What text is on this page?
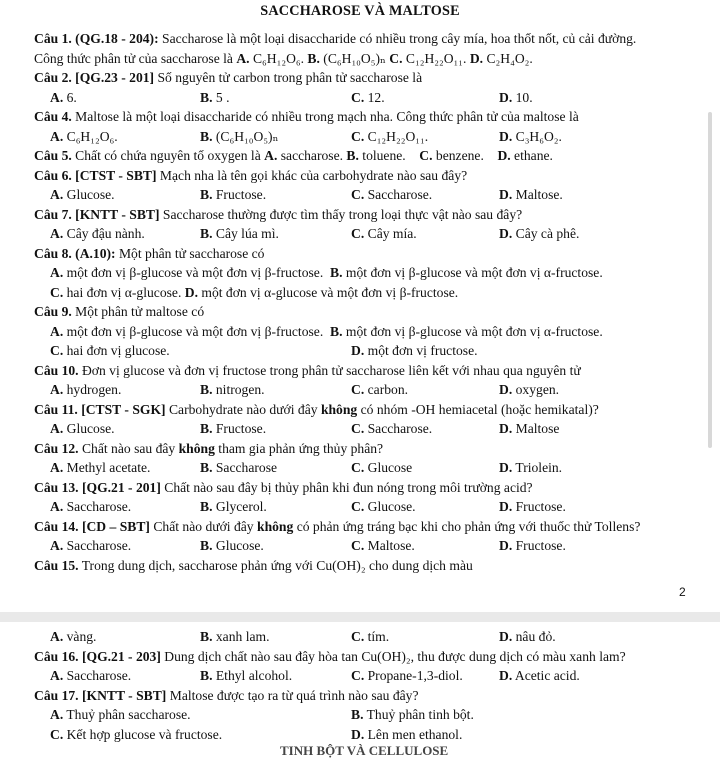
SACCHAROSE VÀ MALTOSE
Câu 1. (QG.18 - 204): Saccharose là một loại disaccharide có nhiều trong cây mía, hoa thốt nốt, củ cải đường.
Công thức phân tử của saccharose là A. C₆H₁₂O₆. B. (C₆H₁₀O₅)ₙ C. C₁₂H₂₂O₁₁. D. C₂H₄O₂.
Câu 2. [QG.23 - 201] Số nguyên tử carbon trong phân tử saccharose là
A. 6.	B. 5 .	C. 12.	D. 10.
Câu 4. Maltose là một loại disaccharide có nhiều trong mạch nha. Công thức phân tử của maltose là
A. C₆H₁₂O₆.	B. (C₆H₁₀O₅)ₙ	C. C₁₂H₂₂O₁₁.	D. C₃H₆O₂.
Câu 5. Chất có chứa nguyên tố oxygen là A. saccharose. B. toluene.    C. benzene.    D. ethane.
Câu 6. [CTST - SBT] Mạch nha là tên gọi khác của carbohydrate nào sau đây?
A. Glucose.	B. Fructose.	C. Saccharose.	D. Maltose.
Câu 7. [KNTT - SBT] Saccharose thường được tìm thấy trong loại thực vật nào sau đây?
A. Cây đậu nành.	B. Cây lúa mì.	C. Cây mía.	D. Cây cà phê.
Câu 8. (A.10): Một phân tử saccharose có
A. một đơn vị β-glucose và một đơn vị β-fructose.  B. một đơn vị β-glucose và một đơn vị α-fructose.
C. hai đơn vị α-glucose. D. một đơn vị α-glucose và một đơn vị β-fructose.
Câu 9. Một phân tử maltose có
A. một đơn vị β-glucose và một đơn vị β-fructose.  B. một đơn vị β-glucose và một đơn vị α-fructose.
C. hai đơn vị glucose.	D. một đơn vị fructose.
Câu 10. Đơn vị glucose và đơn vị fructose trong phân tử saccharose liên kết với nhau qua nguyên tử
A. hydrogen.	B. nitrogen.	C. carbon.	D. oxygen.
Câu 11. [CTST - SGK] Carbohydrate nào dưới đây không có nhóm -OH hemiacetal (hoặc hemikatal)?
A. Glucose.	B. Fructose.	C. Saccharose.	D. Maltose
Câu 12. Chất nào sau đây không tham gia phản ứng thủy phân?
A. Methyl acetate.	B. Saccharose	C. Glucose	D. Triolein.
Câu 13. [QG.21 - 201] Chất nào sau đây bị thủy phân khi đun nóng trong môi trường acid?
A. Saccharose.	B. Glycerol.	C. Glucose.	D. Fructose.
Câu 14. [CD – SBT] Chất nào dưới đây không có phản ứng tráng bạc khi cho phản ứng với thuốc thử Tollens?
A. Saccharose.	B. Glucose.	C. Maltose.	D. Fructose.
Câu 15. Trong dung dịch, saccharose phản ứng với Cu(OH)₂ cho dung dịch màu
2
A. vàng.	B. xanh lam.	C. tím.	D. nâu đỏ.
Câu 16. [QG.21 - 203] Dung dịch chất nào sau đây hòa tan Cu(OH)₂, thu được dung dịch có màu xanh lam?
A. Saccharose.	B. Ethyl alcohol.	C. Propane-1,3-diol.	D. Acetic acid.
Câu 17. [KNTT - SBT] Maltose được tạo ra từ quá trình nào sau đây?
A. Thuỷ phân saccharose.	B. Thuỷ phân tinh bột.
C. Kết hợp glucose và fructose.	D. Lên men ethanol.
TINH BỘT VÀ CELLULOSE
